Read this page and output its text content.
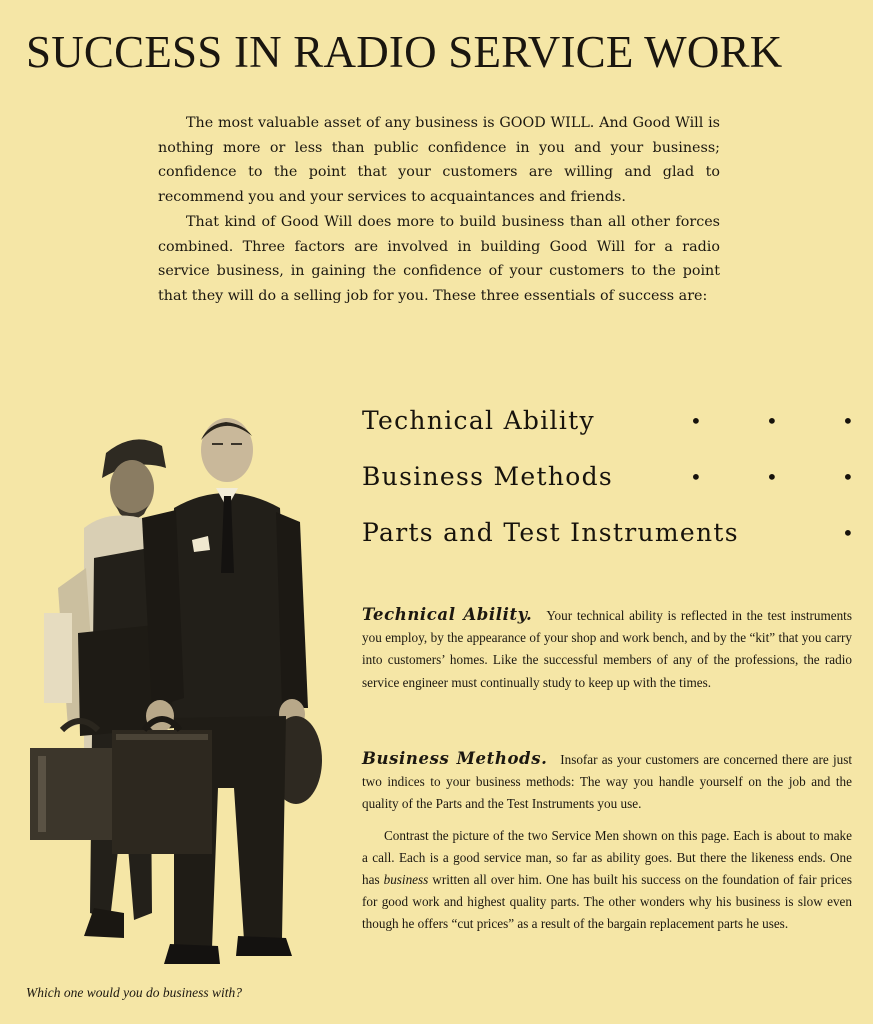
SUCCESS IN RADIO SERVICE WORK

The most valuable asset of any business is GOOD WILL. And Good Will is nothing more or less than public confidence in you and your business; confidence to the point that your customers are willing and glad to recommend you and your services to acquaintances and friends.

That kind of Good Will does more to build business than all other forces combined. Three factors are involved in building Good Will for a radio service business, in gaining the confidence of your customers to the point that they will do a selling job for you. These three essentials of success are:

Technical Ability	•	•	•
Business Methods	•	•	•
Parts and Test Instruments	•

Technical Ability. Your technical ability is reflected in the test instruments you employ, by the appearance of your shop and work bench, and by the “kit” that you carry into customers’ homes. Like the successful members of any of the professions, the radio service engineer must continually study to keep up with the times.

Business Methods. Insofar as your customers are concerned there are just two indices to your business methods: The way you handle yourself on the job and the quality of the Parts and the Test Instruments you use.

Contrast the picture of the two Service Men shown on this page. Each is about to make a call. Each is a good service man, so far as ability goes. But there the likeness ends. One has business written all over him. One has built his success on the foundation of fair prices for good work and highest quality parts. The other wonders why his business is slow even though he offers “cut prices” as a result of the bargain replacement parts he uses.

Which one would you do business with?
